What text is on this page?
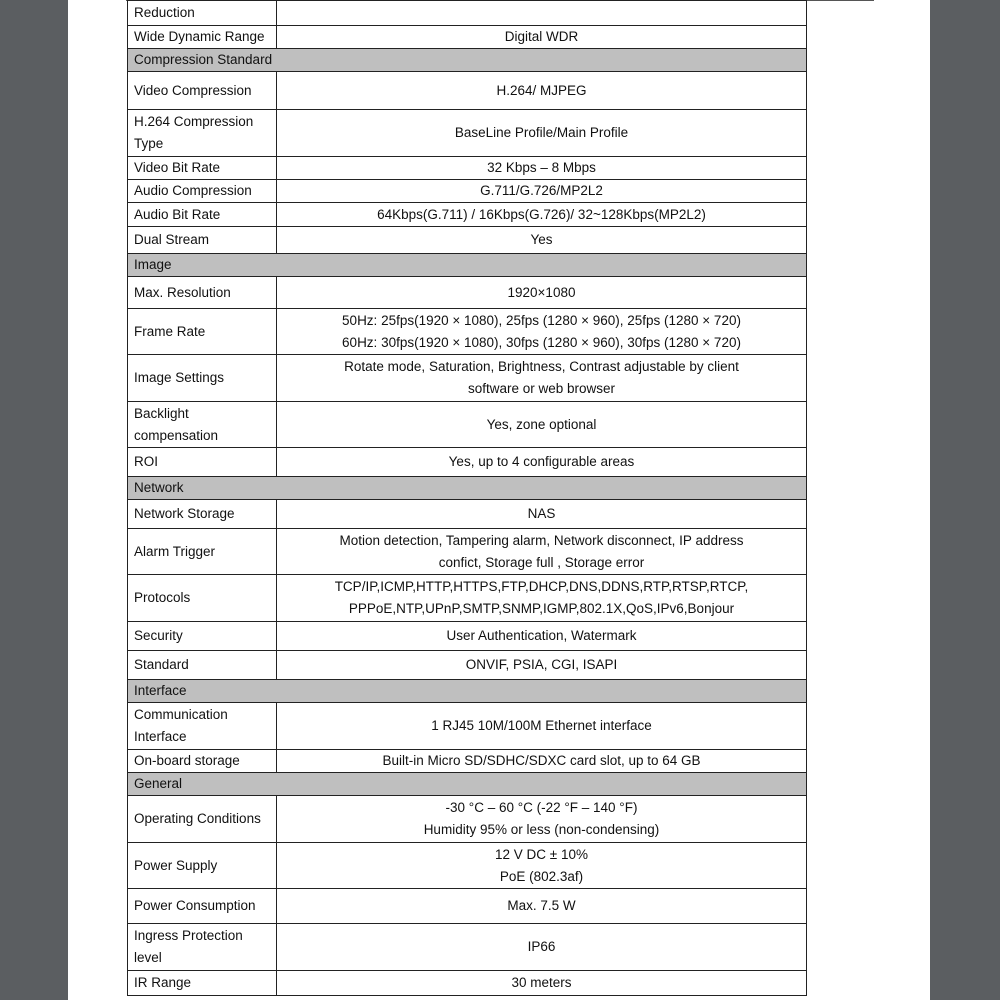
Reduction	
Wide Dynamic Range	Digital WDR
Compression Standard	
Video Compression	H.264/ MJPEG
H.264 Compression Type	BaseLine Profile/Main Profile
Video Bit Rate	32 Kbps – 8 Mbps
Audio Compression	G.711/G.726/MP2L2
Audio Bit Rate	64Kbps(G.711) / 16Kbps(G.726)/ 32~128Kbps(MP2L2)
Dual Stream	Yes
Image	
Max. Resolution	1920×1080
Frame Rate	50Hz: 25fps(1920 × 1080), 25fps (1280 × 960), 25fps (1280 × 720)
60Hz: 30fps(1920 × 1080), 30fps (1280 × 960), 30fps (1280 × 720)
Image Settings	Rotate mode, Saturation, Brightness, Contrast adjustable by client
software or web browser
Backlight compensation	Yes, zone optional
ROI	Yes, up to 4 configurable areas
Network	
Network Storage	NAS
Alarm Trigger	Motion detection, Tampering alarm, Network disconnect, IP address
confict, Storage full , Storage error
Protocols	TCP/IP,ICMP,HTTP,HTTPS,FTP,DHCP,DNS,DDNS,RTP,RTSP,RTCP,
PPPoE,NTP,UPnP,SMTP,SNMP,IGMP,802.1X,QoS,IPv6,Bonjour
Security	User Authentication, Watermark
Standard	ONVIF, PSIA, CGI, ISAPI
Interface	
Communication Interface	1 RJ45 10M/100M Ethernet interface
On-board storage	Built-in Micro SD/SDHC/SDXC card slot, up to 64 GB
General	
Operating Conditions	-30 °C – 60 °C (-22 °F – 140 °F)
Humidity 95% or less (non-condensing)
Power Supply	12 V DC ± 10%
PoE (802.3af)
Power Consumption	Max. 7.5 W
Ingress Protection level	IP66
IR Range	30 meters
